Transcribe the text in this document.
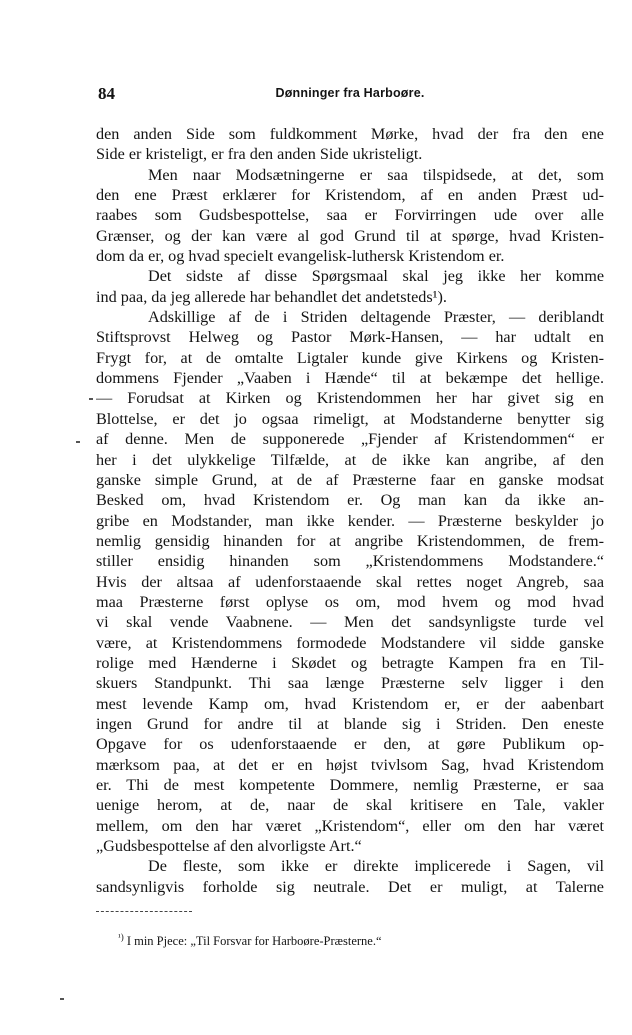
84	Dønninger fra Harboøre.
den anden Side som fuldkomment Mørke, hvad der fra den ene
Side er kristeligt, er fra den anden Side ukristeligt.
Men naar Modsætningerne er saa tilspidsede, at det, som
den ene Præst erklærer for Kristendom, af en anden Præst ud-
raabes som Gudsbespottelse, saa er Forvirringen ude over alle
Grænser, og der kan være al god Grund til at spørge, hvad Kristen-
dom da er, og hvad specielt evangelisk-luthersk Kristendom er.
Det sidste af disse Spørgsmaal skal jeg ikke her komme
ind paa, da jeg allerede har behandlet det andetsteds¹).
Adskillige af de i Striden deltagende Præster, — deriblandt
Stiftsprovst Helweg og Pastor Mørk-Hansen, — har udtalt en
Frygt for, at de omtalte Ligtaler kunde give Kirkens og Kristen-
dommens Fjender „Vaaben i Hænde“ til at bekæmpe det hellige.
— Forudsat at Kirken og Kristendommen her har givet sig en
Blottelse, er det jo ogsaa rimeligt, at Modstanderne benytter sig
af denne. Men de supponerede „Fjender af Kristendommen“ er
her i det ulykkelige Tilfælde, at de ikke kan angribe, af den
ganske simple Grund, at de af Præsterne faar en ganske modsat
Besked om, hvad Kristendom er. Og man kan da ikke an-
gribe en Modstander, man ikke kender. — Præsterne beskylder jo
nemlig gensidig hinanden for at angribe Kristendommen, de frem-
stiller ensidig hinanden som „Kristendommens Modstandere.“
Hvis der altsaa af udenforstaaende skal rettes noget Angreb, saa
maa Præsterne først oplyse os om, mod hvem og mod hvad
vi skal vende Vaabnene. — Men det sandsynligste turde vel
være, at Kristendommens formodede Modstandere vil sidde ganske
rolige med Hænderne i Skødet og betragte Kampen fra en Til-
skuers Standpunkt. Thi saa længe Præsterne selv ligger i den
mest levende Kamp om, hvad Kristendom er, er der aabenbart
ingen Grund for andre til at blande sig i Striden. Den eneste
Opgave for os udenforstaaende er den, at gøre Publikum op-
mærksom paa, at det er en højst tvivlsom Sag, hvad Kristendom
er. Thi de mest kompetente Dommere, nemlig Præsterne, er saa
uenige herom, at de, naar de skal kritisere en Tale, vakler
mellem, om den har været „Kristendom“, eller om den har været
„Gudsbespottelse af den alvorligste Art.“
De fleste, som ikke er direkte implicerede i Sagen, vil
sandsynligvis forholde sig neutrale. Det er muligt, at Talerne
$^{^1)}$ I min Pjece: „Til Forsvar for Harboøre-Præsterne.“
